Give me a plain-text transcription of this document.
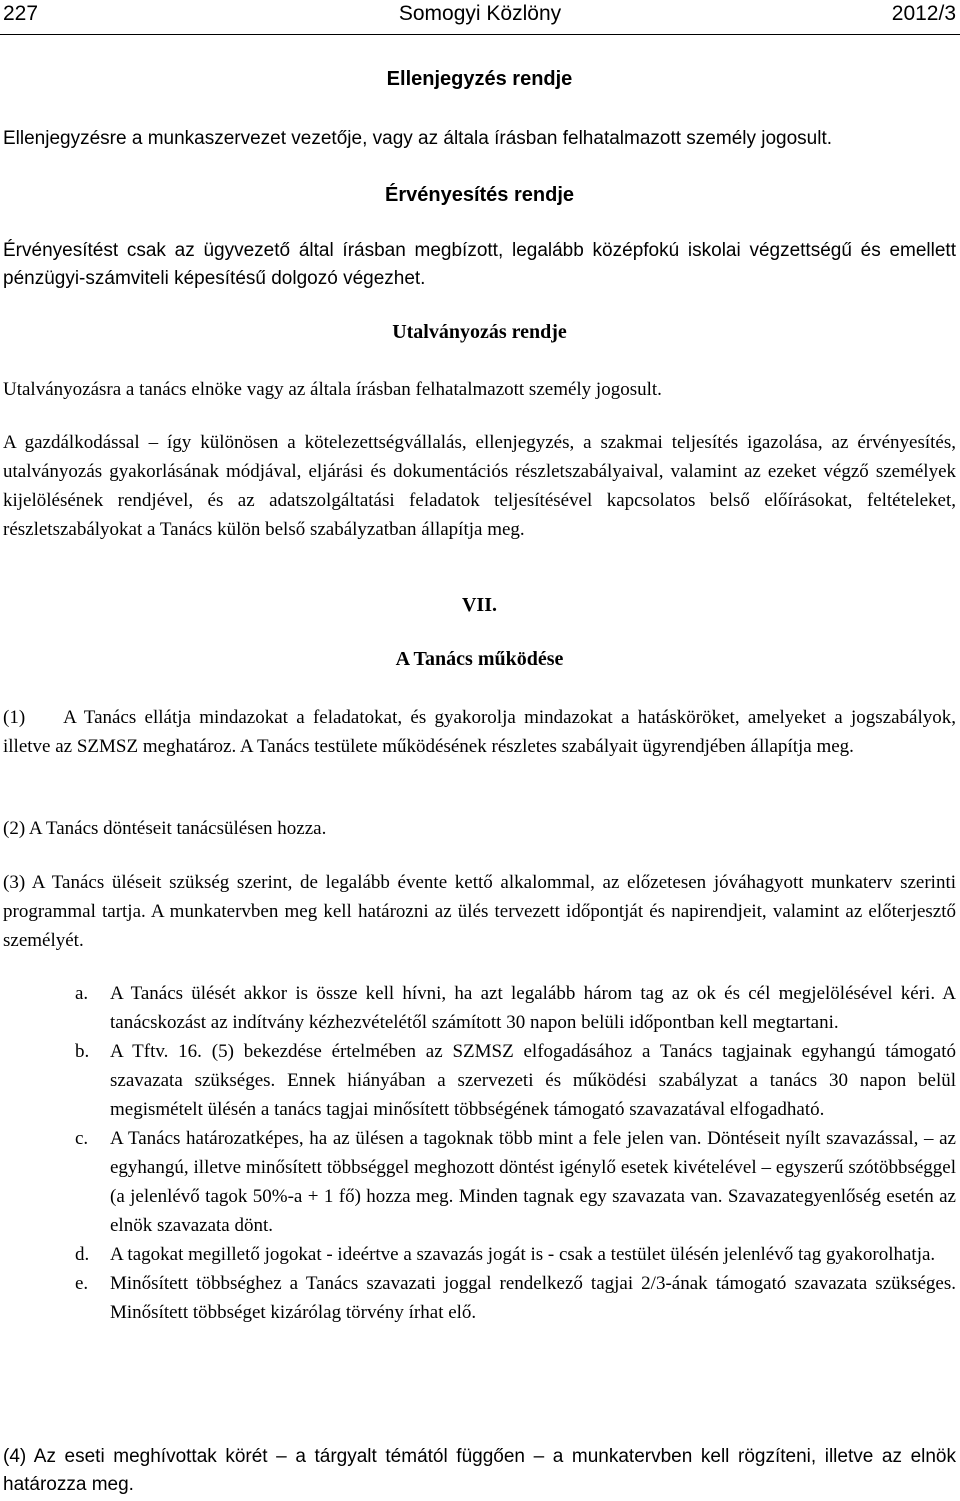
227	Somogyi Közlöny	2012/3
Ellenjegyzés rendje
Ellenjegyzésre a munkaszervezet vezetője, vagy az általa írásban felhatalmazott személy jogosult.
Érvényesítés rendje
Érvényesítést csak az ügyvezető által írásban megbízott, legalább középfokú iskolai végzettségű és emellett pénzügyi-számviteli képesítésű dolgozó végezhet.
Utalványozás rendje
Utalványozásra a tanács elnöke vagy az általa írásban felhatalmazott személy jogosult.
A gazdálkodással – így különösen a kötelezettségvállalás, ellenjegyzés, a szakmai teljesítés igazolása, az érvényesítés, utalványozás gyakorlásának módjával, eljárási és dokumentációs részletszabályaival, valamint az ezeket végző személyek kijelölésének rendjével, és az adatszolgáltatási feladatok teljesítésével kapcsolatos belső előírásokat, feltételeket, részletszabályokat a Tanács külön belső szabályzatban állapítja meg.
VII.
A Tanács működése
(1) A Tanács ellátja mindazokat a feladatokat, és gyakorolja mindazokat a hatásköröket, amelyeket a jogszabályok, illetve az SZMSZ meghatároz. A Tanács testülete működésének részletes szabályait ügyrendjében állapítja meg.
(2) A Tanács döntéseit tanácsülésen hozza.
(3) A Tanács üléseit szükség szerint, de legalább évente kettő alkalommal, az előzetesen jóváhagyott munkaterv szerinti programmal tartja. A munkatervben meg kell határozni az ülés tervezett időpontját és napirendjeit, valamint az előterjesztő személyét.
a. A Tanács ülését akkor is össze kell hívni, ha azt legalább három tag az ok és cél megjelölésével kéri. A tanácskozást az indítvány kézhezvételétől számított 30 napon belüli időpontban kell megtartani.
b. A Tftv. 16. (5) bekezdése értelmében az SZMSZ elfogadásához a Tanács tagjainak egyhangú támogató szavazata szükséges. Ennek hiányában a szervezeti és működési szabályzat a tanács 30 napon belül megismételt ülésén a tanács tagjai minősített többségének támogató szavazatával elfogadható.
c. A Tanács határozatképes, ha az ülésen a tagoknak több mint a fele jelen van. Döntéseit nyílt szavazással, – az egyhangú, illetve minősített többséggel meghozott döntést igénylő esetek kivételével – egyszerű szótöbbséggel (a jelenlévő tagok 50%-a + 1 fő) hozza meg. Minden tagnak egy szavazata van. Szavazategyenlőség esetén az elnök szavazata dönt.
d. A tagokat megillető jogokat - ideértve a szavazás jogát is - csak a testület ülésén jelenlévő tag gyakorolhatja.
e. Minősített többséghez a Tanács szavazati joggal rendelkező tagjai 2/3-ának támogató szavazata szükséges. Minősített többséget kizárólag törvény írhat elő.
(4) Az eseti meghívottak körét – a tárgyalt témától függően – a munkatervben kell rögzíteni, illetve az elnök határozza meg.
